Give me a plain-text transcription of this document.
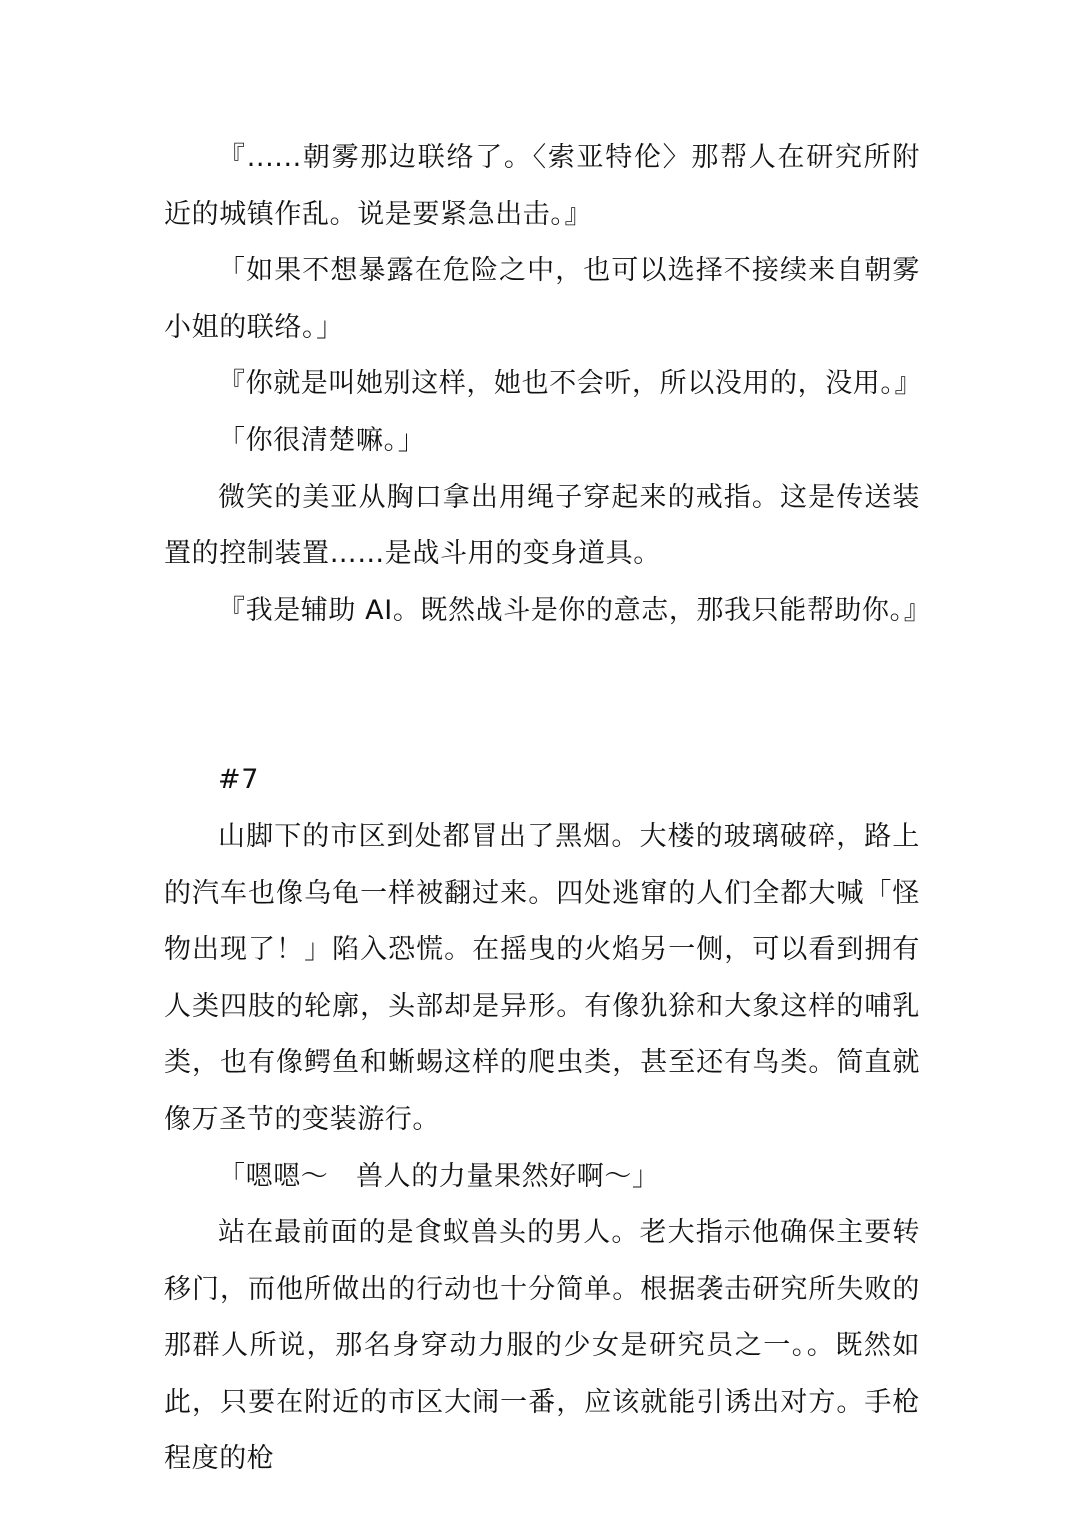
『......朝雾那边联络了。〈索亚特伦〉那帮人在研究所附近的城镇作乱。说是要紧急出击。』

「如果不想暴露在危险之中，也可以选择不接续来自朝雾小姐的联络。」

『你就是叫她别这样，她也不会听，所以没用的，没用。』

「你很清楚嘛。」

微笑的美亚从胸口拿出用绳子穿起来的戒指。这是传送装置的控制装置……是战斗用的变身道具。

『我是辅助 AI。既然战斗是你的意志，那我只能帮助你。』

#7

山脚下的市区到处都冒出了黑烟。大楼的玻璃破碎，路上的汽车也像乌龟一样被翻过来。四处逃窜的人们全都大喊「怪物出现了！」陷入恐慌。在摇曳的火焰另一侧，可以看到拥有人类四肢的轮廓，头部却是异形。有像犰狳和大象这样的哺乳类，也有像鳄鱼和蜥蜴这样的爬虫类，甚至还有鸟类。简直就像万圣节的变装游行。

「嗯嗯～　兽人的力量果然好啊～」

站在最前面的是食蚁兽头的男人。老大指示他确保主要转移门，而他所做出的行动也十分简单。根据袭击研究所失败的那群人所说，那名身穿动力服的少女是研究员之一。。既然如此，只要在附近的市区大闹一番，应该就能引诱出对方。手枪程度的枪
